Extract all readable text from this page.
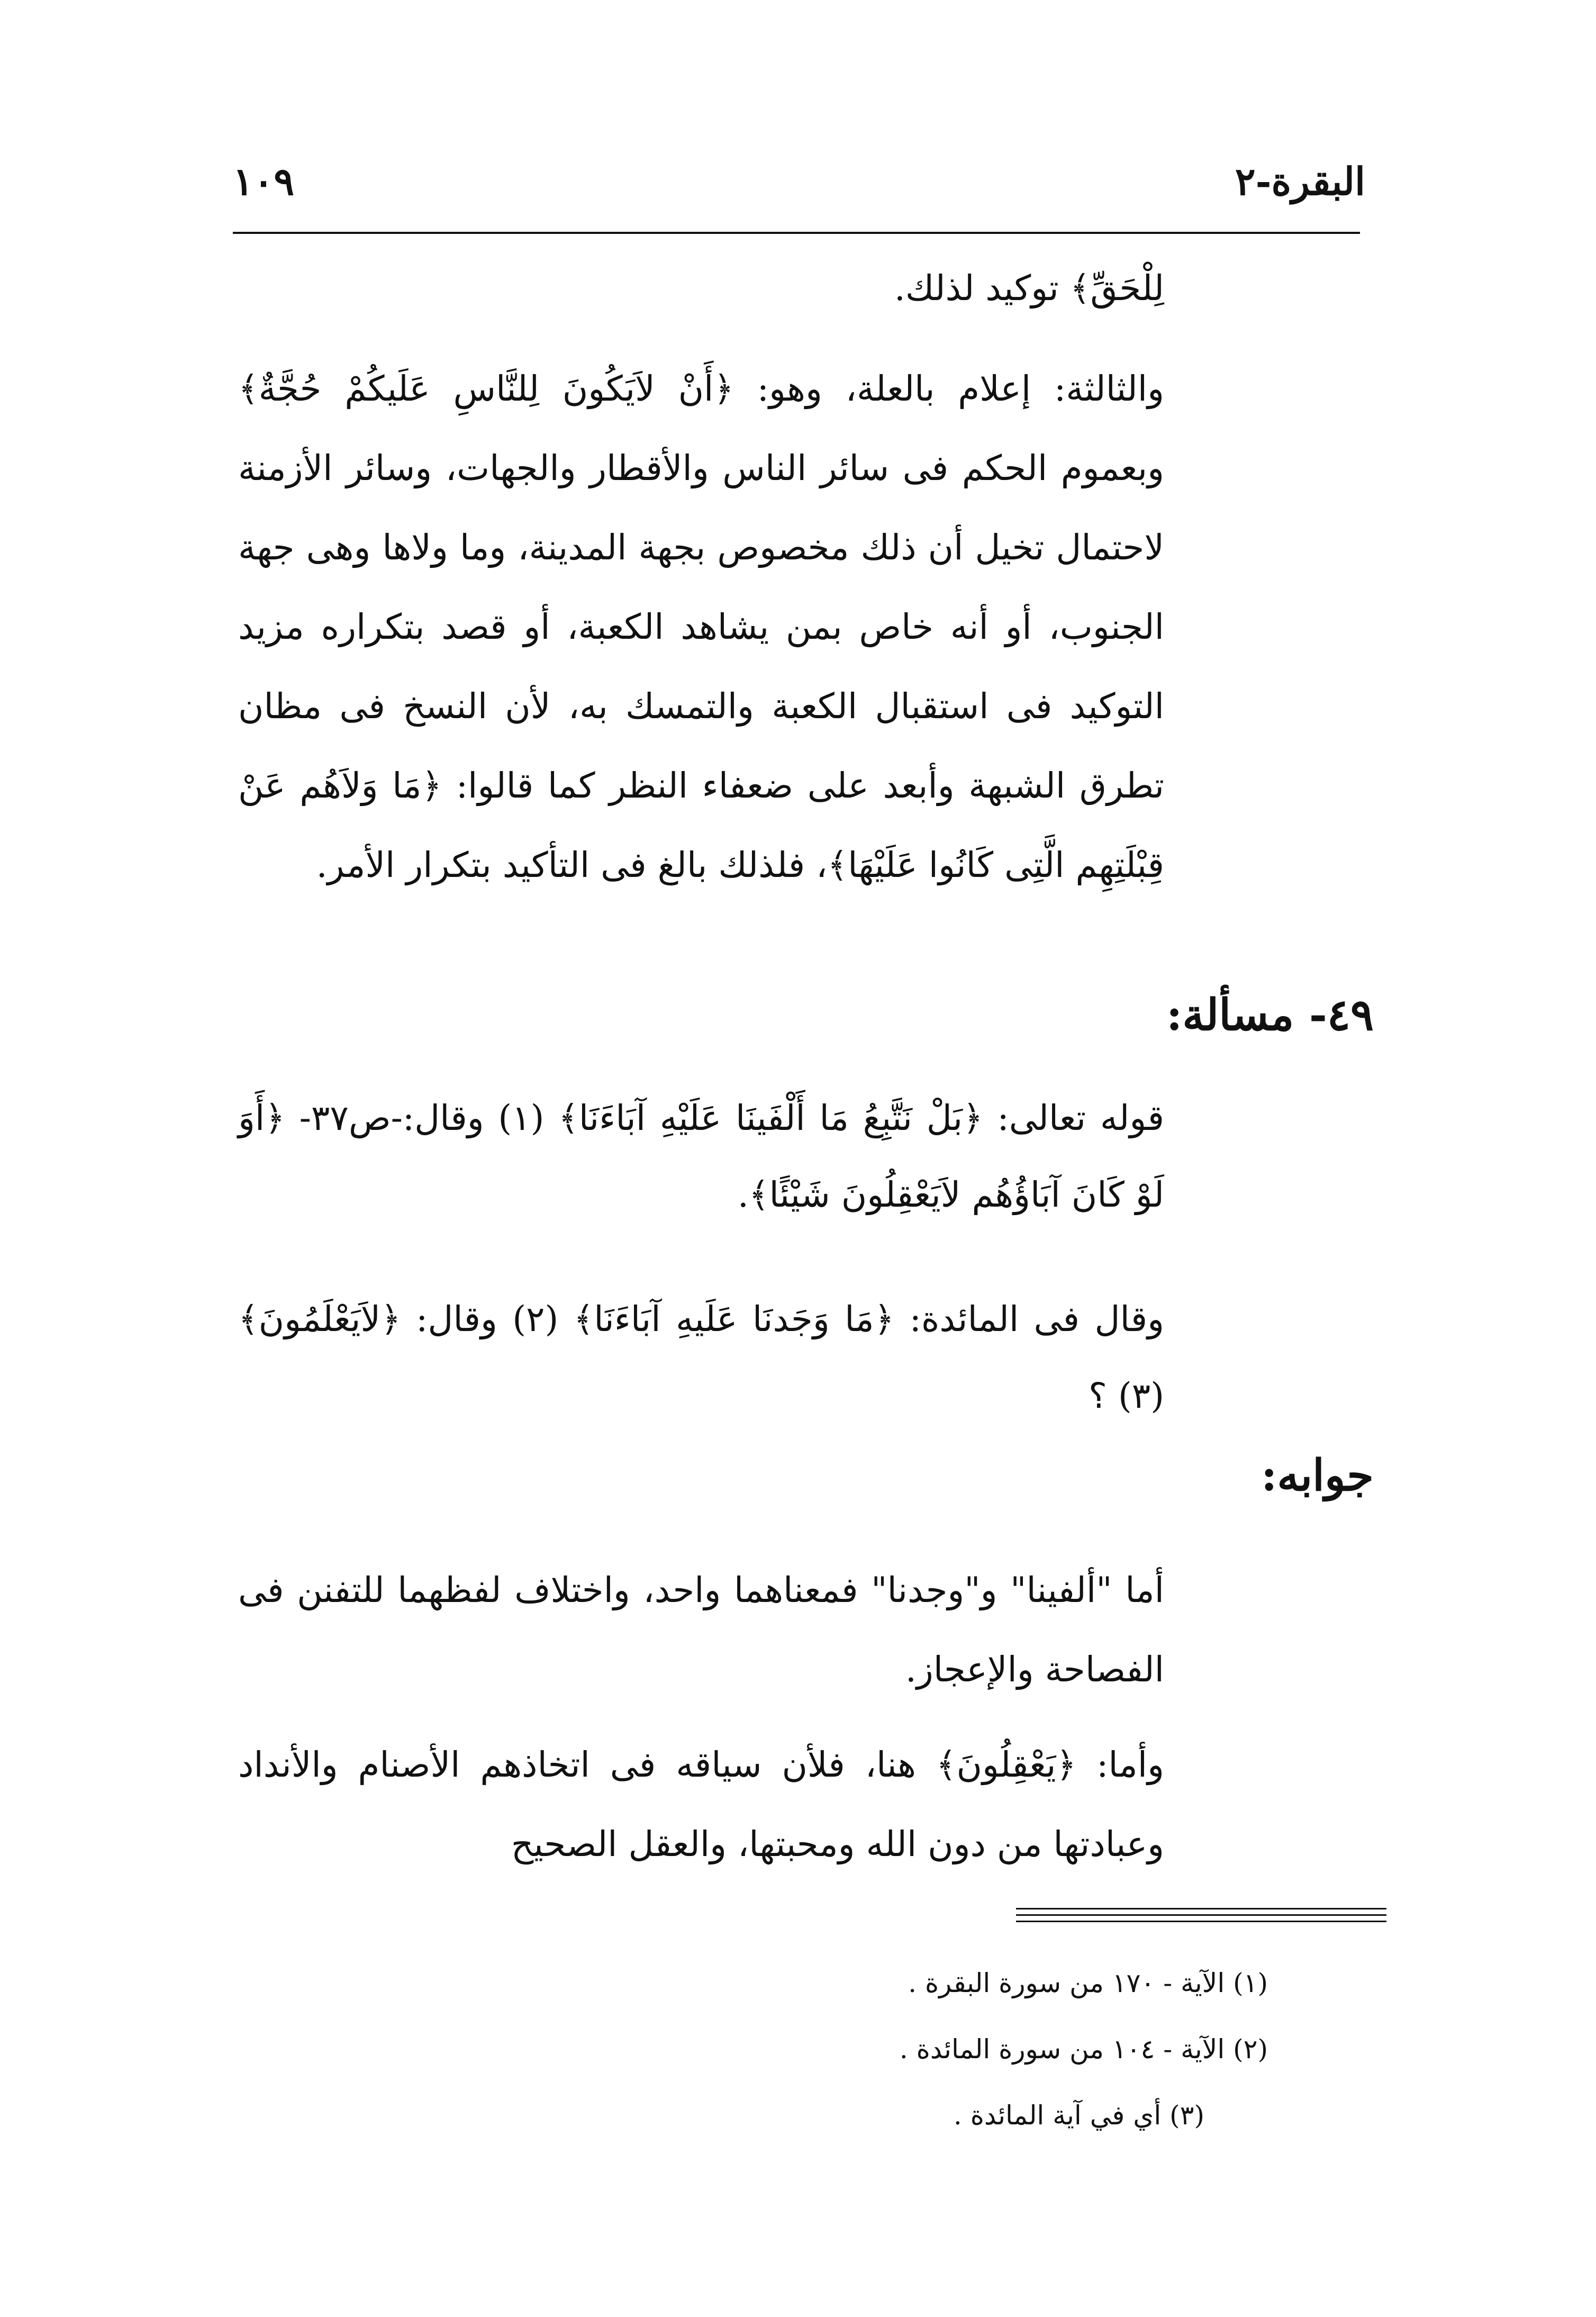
البقرة-٢
١٠٩
لِلْحَقِّ﴾ توكيد لذلك.
والثالثة: إعلام بالعلة، وهو: ﴿أَنْ لاَيَكُونَ لِلنَّاسِ عَلَيكُمْ حُجَّةٌ﴾ وبعموم الحكم فى سائر الناس والأقطار والجهات، وسائر الأزمنة لاحتمال تخيل أن ذلك مخصوص بجهة المدينة، وما ولاها وهى جهة الجنوب، أو أنه خاص بمن يشاهد الكعبة، أو قصد بتكراره مزيد التوكيد فى استقبال الكعبة والتمسك به، لأن النسخ فى مظان تطرق الشبهة وأبعد على ضعفاء النظر كما قالوا: ﴿مَا وَلاَهُم عَنْ قِبْلَتِهِم الَّتِى كَانُوا عَلَيْهَا﴾، فلذلك بالغ فى التأكيد بتكرار الأمر.
٤٩- مسألة:
قوله تعالى: ﴿بَلْ نَتَّبِعُ مَا أَلْفَينَا عَلَيْهِ آبَاءَنَا﴾ (١) وقال:-ص٣٧- ﴿أَوَ لَوْ كَانَ آبَاؤُهُم لاَيَعْقِلُونَ شَيْئًا﴾.
وقال فى المائدة: ﴿مَا وَجَدنَا عَلَيهِ آبَاءَنَا﴾ (٢) وقال: ﴿لاَيَعْلَمُونَ﴾ (٣) ؟
جوابه:
أما "ألفينا" و"وجدنا" فمعناهما واحد، واختلاف لفظهما للتفنن فى الفصاحة والإعجاز.
وأما: ﴿يَعْقِلُونَ﴾ هنا، فلأن سياقه فى اتخاذهم الأصنام والأنداد وعبادتها من دون الله ومحبتها، والعقل الصحيح
(١) الآية - ١٧٠ من سورة البقرة .
(٢) الآية - ١٠٤ من سورة المائدة .
(٣) أي في آية المائدة .
